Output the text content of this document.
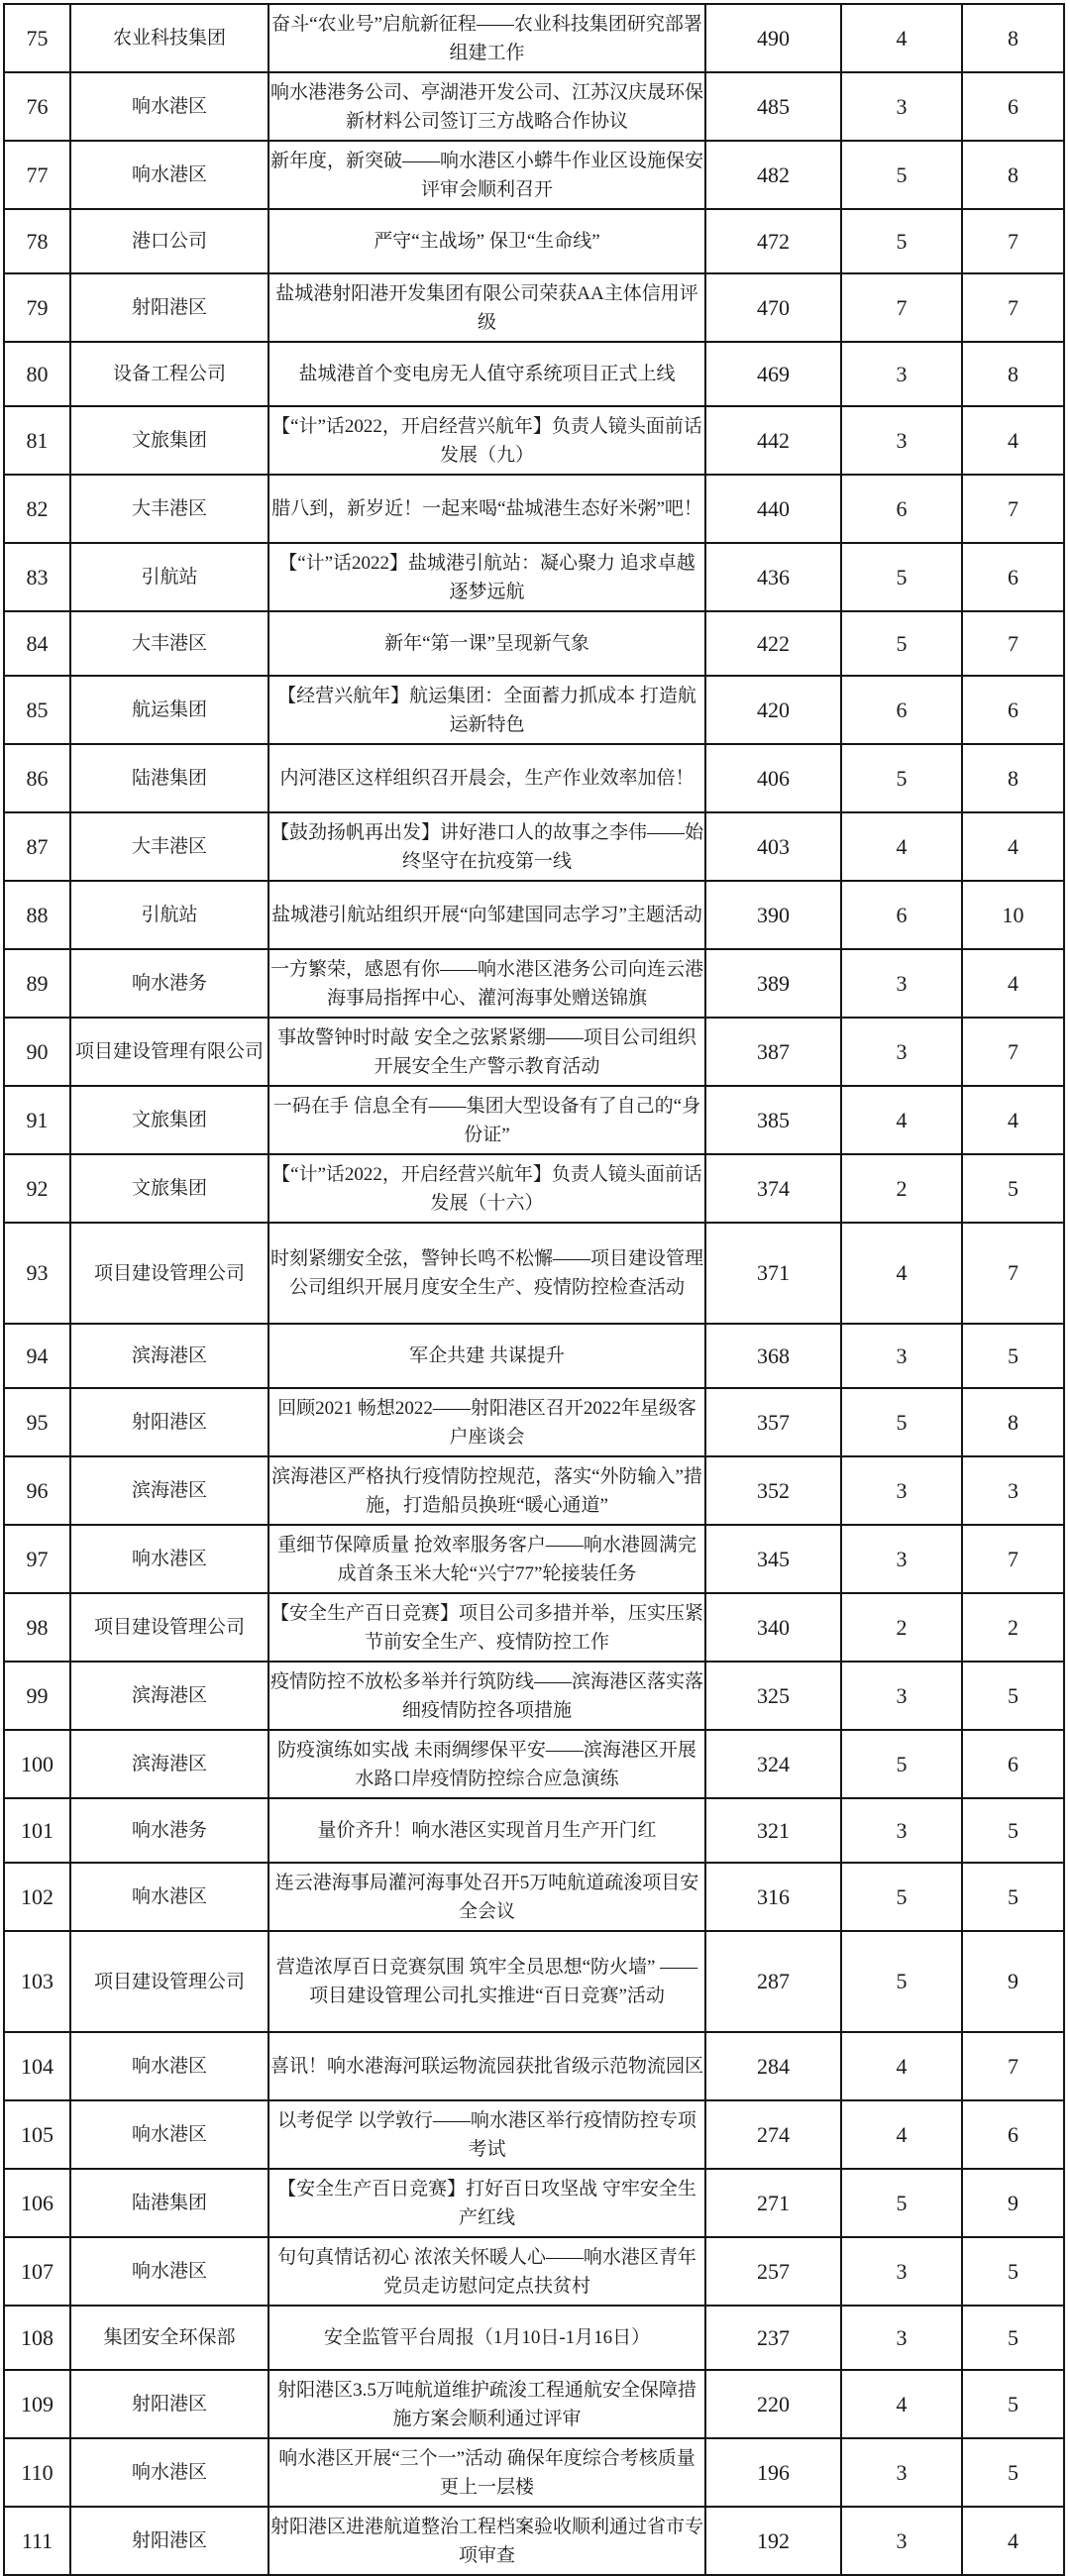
75	农业科技集团	奋斗“农业号”启航新征程——农业科技集团研究部署组建工作	490	4	8
76	响水港区	响水港港务公司、亭湖港开发公司、江苏汉庆晟环保新材料公司签订三方战略合作协议	485	3	6
77	响水港区	新年度，新突破——响水港区小蟒牛作业区设施保安评审会顺利召开	482	5	8
78	港口公司	严守“主战场” 保卫“生命线”	472	5	7
79	射阳港区	盐城港射阳港开发集团有限公司荣获AA主体信用评级	470	7	7
80	设备工程公司	盐城港首个变电房无人值守系统项目正式上线	469	3	8
81	文旅集团	【“计”话2022，开启经营兴航年】负责人镜头面前话发展（九）	442	3	4
82	大丰港区	腊八到，新岁近！一起来喝“盐城港生态好米粥”吧！	440	6	7
83	引航站	【“计”话2022】盐城港引航站：凝心聚力 追求卓越 逐梦远航	436	5	6
84	大丰港区	新年“第一课”呈现新气象	422	5	7
85	航运集团	【经营兴航年】航运集团：全面蓄力抓成本 打造航运新特色	420	6	6
86	陆港集团	内河港区这样组织召开晨会，生产作业效率加倍！	406	5	8
87	大丰港区	【鼓劲扬帆再出发】讲好港口人的故事之李伟——始终坚守在抗疫第一线	403	4	4
88	引航站	盐城港引航站组织开展“向邹建国同志学习”主题活动	390	6	10
89	响水港务	一方繁荣，感恩有你——响水港区港务公司向连云港海事局指挥中心、灌河海事处赠送锦旗	389	3	4
90	项目建设管理有限公司	事故警钟时时敲 安全之弦紧紧绷——项目公司组织开展安全生产警示教育活动	387	3	7
91	文旅集团	一码在手 信息全有——集团大型设备有了自己的“身份证”	385	4	4
92	文旅集团	【“计”话2022，开启经营兴航年】负责人镜头面前话发展（十六）	374	2	5
93	项目建设管理公司	时刻紧绷安全弦，警钟长鸣不松懈——项目建设管理公司组织开展月度安全生产、疫情防控检查活动	371	4	7
94	滨海港区	军企共建 共谋提升	368	3	5
95	射阳港区	回顾2021 畅想2022——射阳港区召开2022年星级客户座谈会	357	5	8
96	滨海港区	滨海港区严格执行疫情防控规范，落实“外防输入”措施，打造船员换班“暖心通道”	352	3	3
97	响水港区	重细节保障质量 抢效率服务客户——响水港圆满完成首条玉米大轮“兴宁77”轮接装任务	345	3	7
98	项目建设管理公司	【安全生产百日竞赛】项目公司多措并举，压实压紧节前安全生产、疫情防控工作	340	2	2
99	滨海港区	疫情防控不放松多举并行筑防线——滨海港区落实落细疫情防控各项措施	325	3	5
100	滨海港区	防疫演练如实战 未雨绸缪保平安——滨海港区开展水路口岸疫情防控综合应急演练	324	5	6
101	响水港务	量价齐升！响水港区实现首月生产开门红	321	3	5
102	响水港区	连云港海事局灌河海事处召开5万吨航道疏浚项目安全会议	316	5	5
103	项目建设管理公司	营造浓厚百日竞赛氛围 筑牢全员思想“防火墙” ——项目建设管理公司扎实推进“百日竞赛”活动	287	5	9
104	响水港区	喜讯！响水港海河联运物流园获批省级示范物流园区	284	4	7
105	响水港区	以考促学 以学敦行——响水港区举行疫情防控专项考试	274	4	6
106	陆港集团	【安全生产百日竞赛】打好百日攻坚战 守牢安全生产红线	271	5	9
107	响水港区	句句真情话初心 浓浓关怀暖人心——响水港区青年党员走访慰问定点扶贫村	257	3	5
108	集团安全环保部	安全监管平台周报（1月10日-1月16日）	237	3	5
109	射阳港区	射阳港区3.5万吨航道维护疏浚工程通航安全保障措施方案会顺利通过评审	220	4	5
110	响水港区	响水港区开展“三个一”活动 确保年度综合考核质量更上一层楼	196	3	5
111	射阳港区	射阳港区进港航道整治工程档案验收顺利通过省市专项审查	192	3	4
